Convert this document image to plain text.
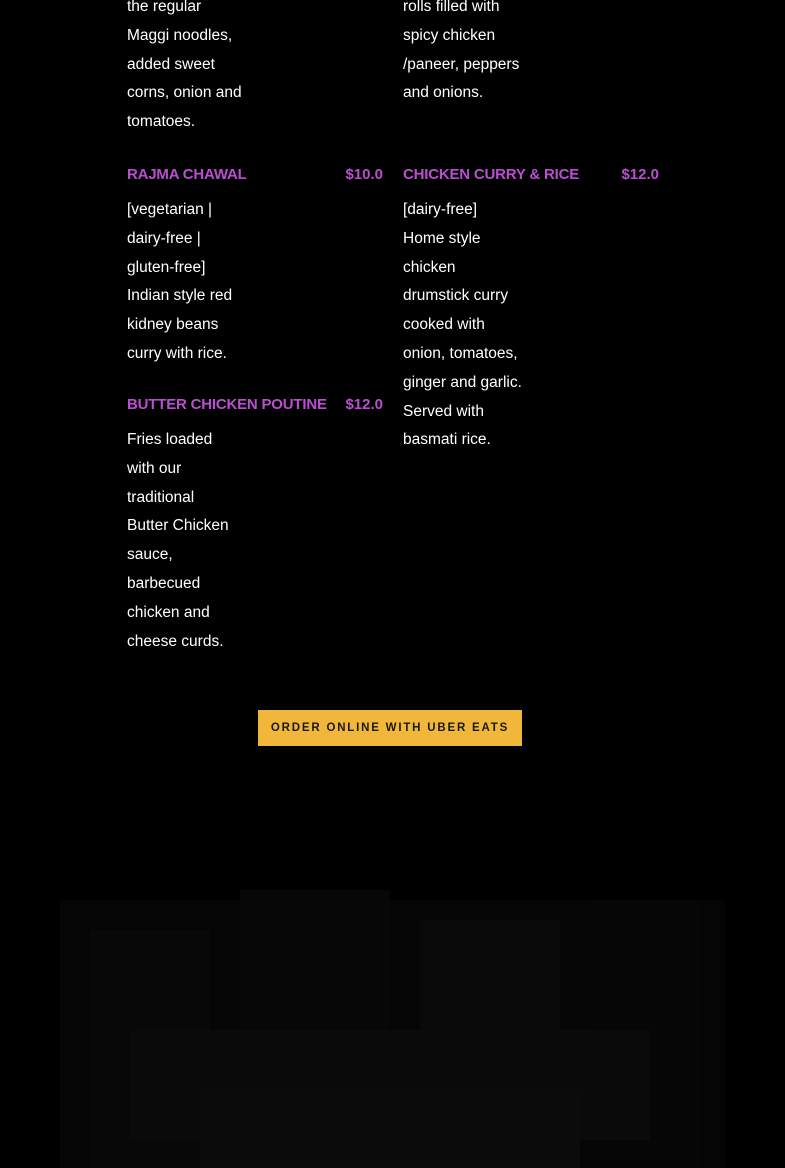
the regular

Maggi noodles,

added sweet

corns, onion and

tomatoes.

rolls filled with

spicy chicken

/paneer, peppers

and onions.

RAJMA CHAWAL	$10.0

[vegetarian |

dairy-free |

gluten-free]

Indian style red

kidney beans

curry with rice.

CHICKEN CURRY & RICE	$12.0

[dairy-free]

Home style

chicken

drumstick curry

cooked with

onion, tomatoes,

ginger and garlic.

Served with

basmati rice.

BUTTER CHICKEN POUTINE $12.0

Fries loaded

with our

traditional

Butter Chicken

sauce,

barbecued

chicken and

cheese curds.

ORDER ONLINE WITH UBER EATS
